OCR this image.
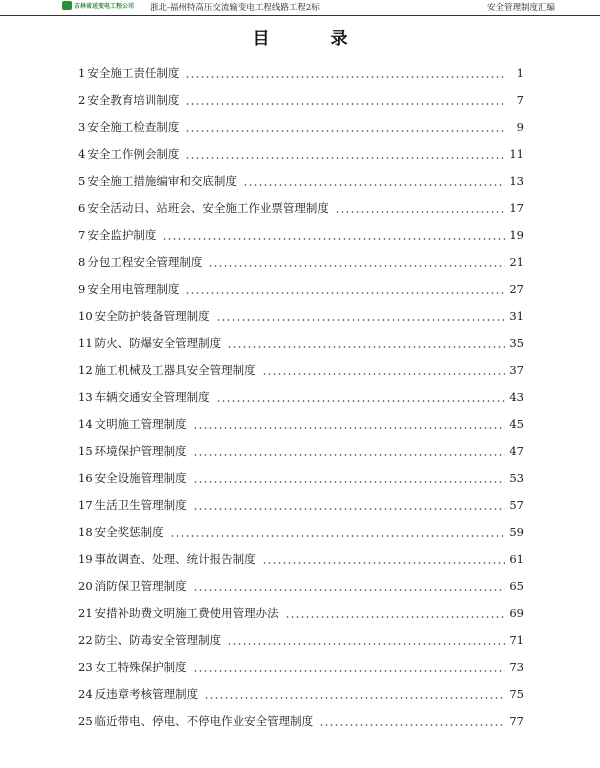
吉林省送变电工程公司 浙北-福州特高压交流输变电工程线路工程2标	安全管理制度汇编
目　录
1 安全施工责任制度	1
2 安全教育培训制度	7
3 安全施工检查制度	9
4 安全工作例会制度	11
5 安全施工措施编审和交底制度	13
6 安全活动日、站班会、安全施工作业票管理制度	17
7 安全监护制度	19
8 分包工程安全管理制度	21
9 安全用电管理制度	27
10 安全防护装备管理制度	31
11 防火、防爆安全管理制度	35
12 施工机械及工器具安全管理制度	37
13 车辆交通安全管理制度	43
14 文明施工管理制度	45
15 环境保护管理制度	47
16 安全设施管理制度	53
17 生活卫生管理制度	57
18 安全奖惩制度	59
19 事故调查、处理、统计报告制度	61
20 消防保卫管理制度	65
21 安措补助费文明施工费使用管理办法	69
22 防尘、防毒安全管理制度	71
23 女工特殊保护制度	73
24 反违章考核管理制度	75
25 临近带电、停电、不停电作业安全管理制度	77
